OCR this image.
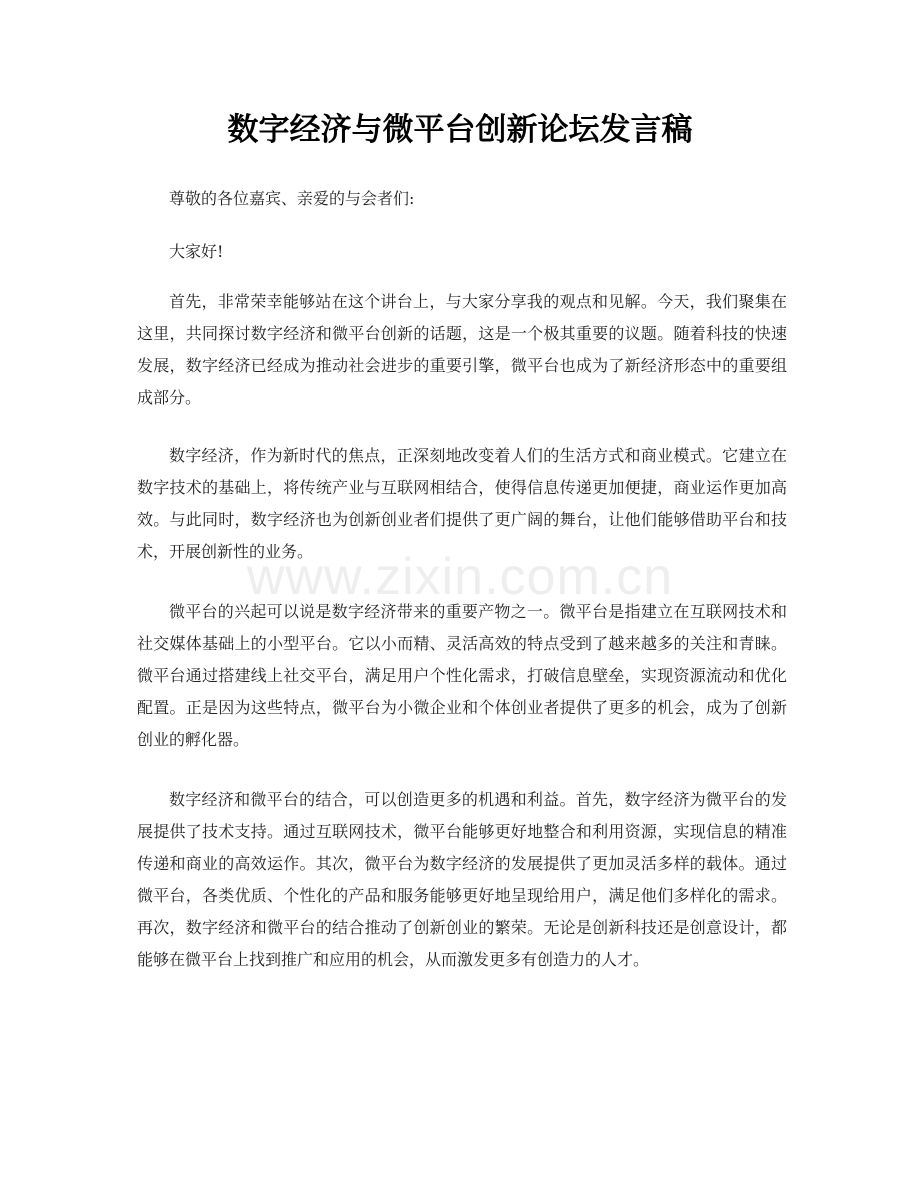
数字经济与微平台创新论坛发言稿

尊敬的各位嘉宾、亲爱的与会者们:

大家好!

首先，非常荣幸能够站在这个讲台上，与大家分享我的观点和见解。今天，我们聚集在这里，共同探讨数字经济和微平台创新的话题，这是一个极其重要的议题。随着科技的快速发展，数字经济已经成为推动社会进步的重要引擎，微平台也成为了新经济形态中的重要组成部分。

数字经济，作为新时代的焦点，正深刻地改变着人们的生活方式和商业模式。它建立在数字技术的基础上，将传统产业与互联网相结合，使得信息传递更加便捷，商业运作更加高效。与此同时，数字经济也为创新创业者们提供了更广阔的舞台，让他们能够借助平台和技术，开展创新性的业务。

微平台的兴起可以说是数字经济带来的重要产物之一。微平台是指建立在互联网技术和社交媒体基础上的小型平台。它以小而精、灵活高效的特点受到了越来越多的关注和青睐。微平台通过搭建线上社交平台，满足用户个性化需求，打破信息壁垒，实现资源流动和优化配置。正是因为这些特点，微平台为小微企业和个体创业者提供了更多的机会，成为了创新创业的孵化器。

数字经济和微平台的结合，可以创造更多的机遇和利益。首先，数字经济为微平台的发展提供了技术支持。通过互联网技术，微平台能够更好地整合和利用资源，实现信息的精准传递和商业的高效运作。其次，微平台为数字经济的发展提供了更加灵活多样的载体。通过微平台，各类优质、个性化的产品和服务能够更好地呈现给用户，满足他们多样化的需求。再次，数字经济和微平台的结合推动了创新创业的繁荣。无论是创新科技还是创意设计，都能够在微平台上找到推广和应用的机会，从而激发更多有创造力的人才。

www.zixin.com.cn
